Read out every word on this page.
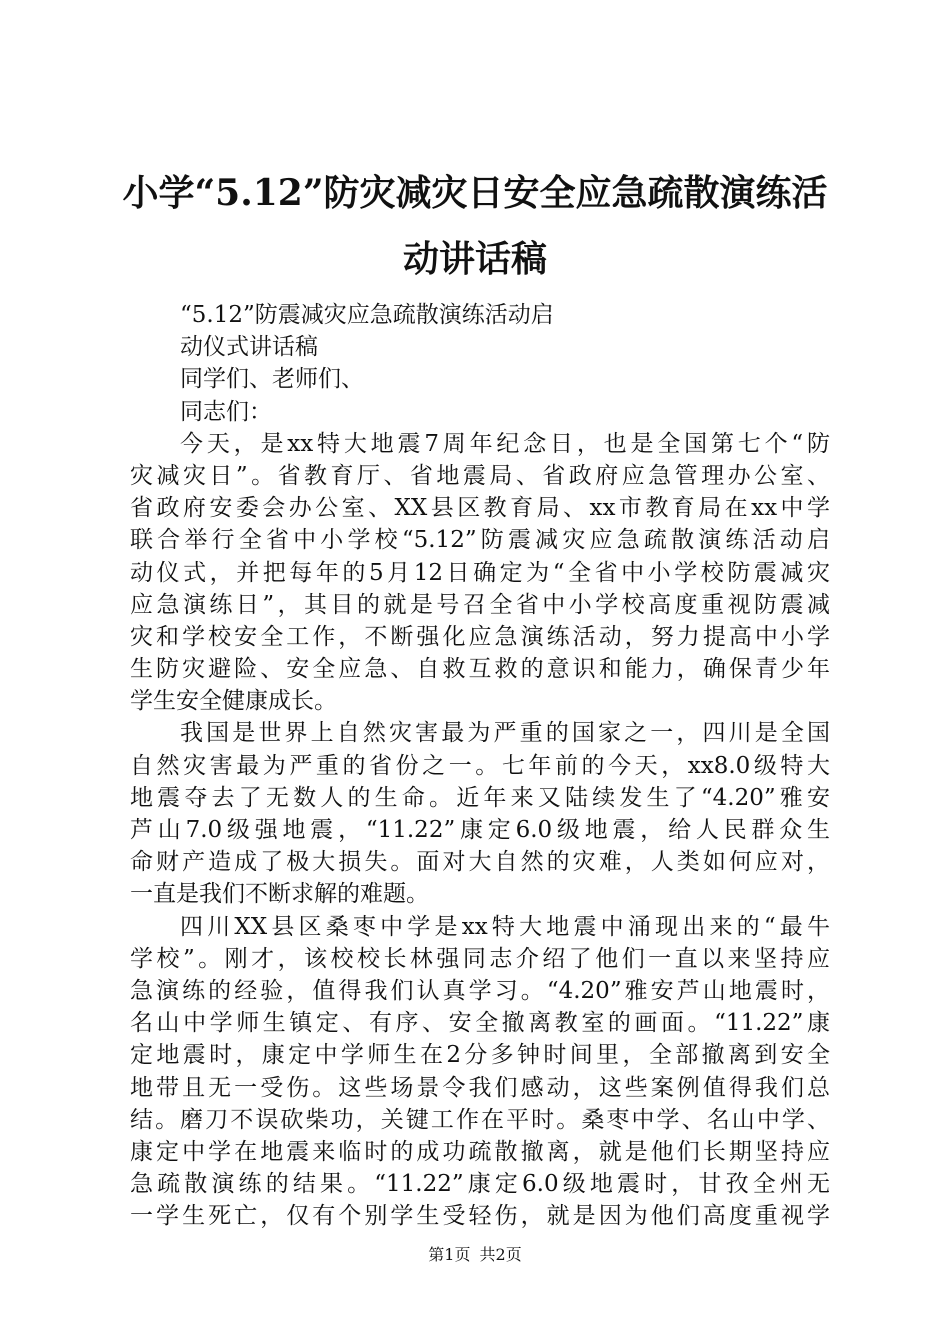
小学“5.12”防灾减灾日安全应急疏散演练活
动讲话稿
“5.12”防震减灾应急疏散演练活动启
动仪式讲话稿
同学们、老师们、
同志们：
今天，是xx特大地震7周年纪念日，也是全国第七个“防
灾减灾日”。省教育厅、省地震局、省政府应急管理办公室、
省政府安委会办公室、XX县区教育局、xx市教育局在xx中学
联合举行全省中小学校“5.12”防震减灾应急疏散演练活动启
动仪式，并把每年的5月12日确定为“全省中小学校防震减灾
应急演练日”，其目的就是号召全省中小学校高度重视防震减
灾和学校安全工作，不断强化应急演练活动，努力提高中小学
生防灾避险、安全应急、自救互救的意识和能力，确保青少年
学生安全健康成长。
我国是世界上自然灾害最为严重的国家之一，四川是全国
自然灾害最为严重的省份之一。七年前的今天，xx8.0级特大
地震夺去了无数人的生命。近年来又陆续发生了“4.20”雅安
芦山7.0级强地震，“11.22”康定6.0级地震，给人民群众生
命财产造成了极大损失。面对大自然的灾难，人类如何应对，
一直是我们不断求解的难题。
四川XX县区桑枣中学是xx特大地震中涌现出来的“最牛
学校”。刚才，该校校长林强同志介绍了他们一直以来坚持应
急演练的经验，值得我们认真学习。“4.20”雅安芦山地震时，
名山中学师生镇定、有序、安全撤离教室的画面。“11.22”康
定地震时，康定中学师生在2分多钟时间里，全部撤离到安全
地带且无一受伤。这些场景令我们感动，这些案例值得我们总
结。磨刀不误砍柴功，关键工作在平时。桑枣中学、名山中学、
康定中学在地震来临时的成功疏散撤离，就是他们长期坚持应
急疏散演练的结果。“11.22”康定6.0级地震时，甘孜全州无
一学生死亡，仅有个别学生受轻伤，就是因为他们高度重视学
第1页 共2页
